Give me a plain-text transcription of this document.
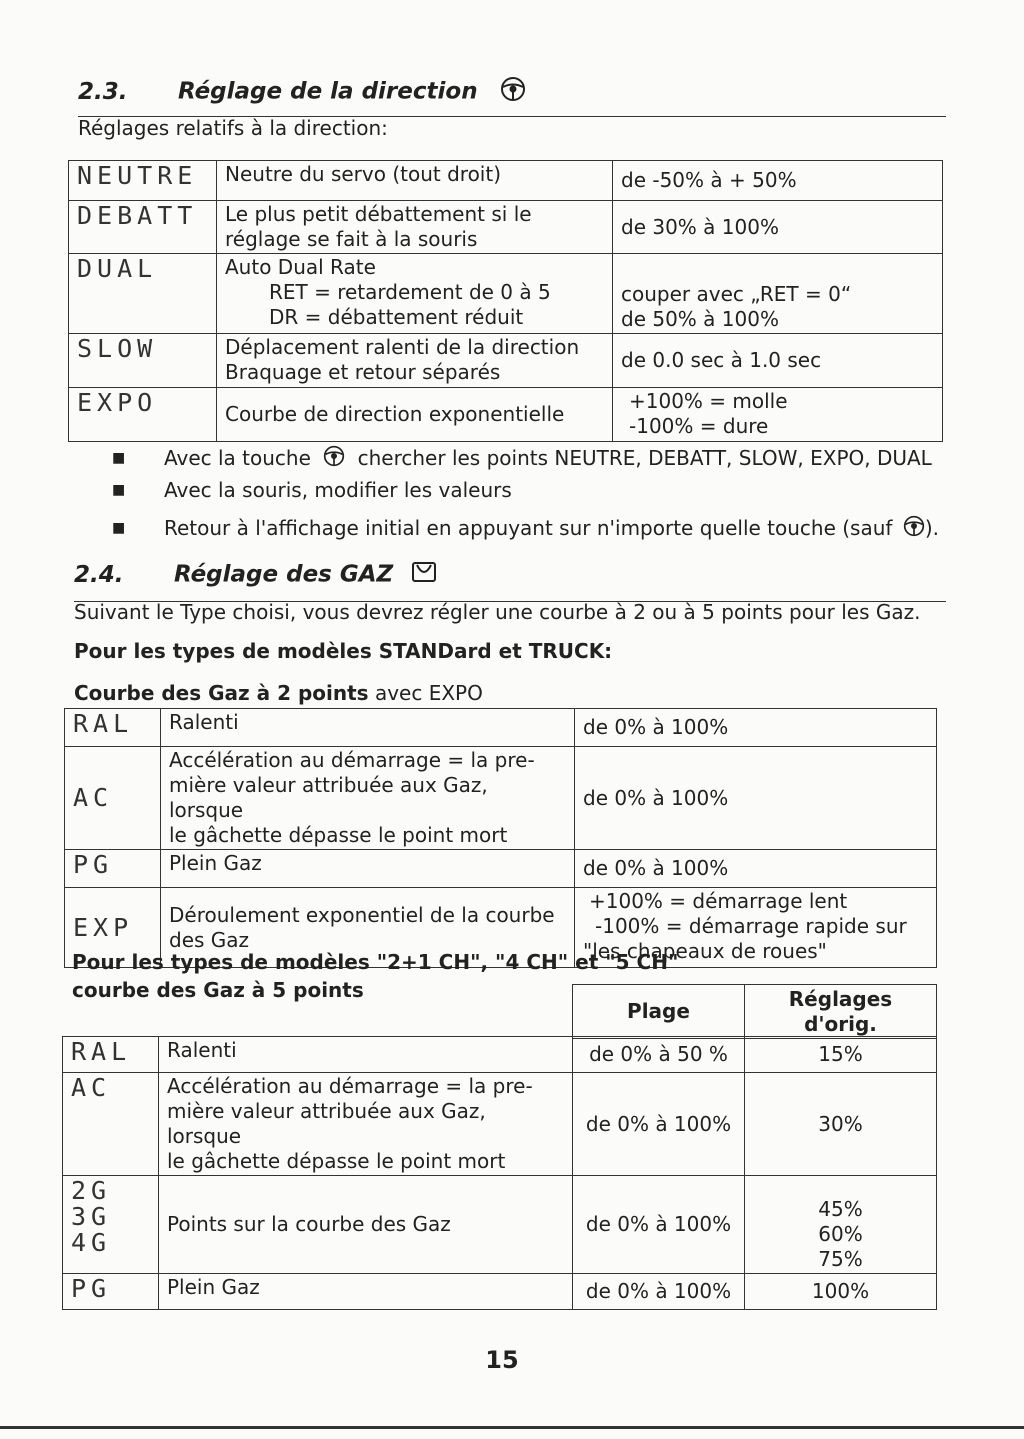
2.3. Réglage de la direction
Réglages relatifs à la direction:
NEUTRE	Neutre du servo (tout droit)	de -50% à + 50%
DEBATT	Le plus petit débattement si le
réglage se fait à la souris	de 30% à 100%
DUAL	Auto Dual Rate
RET = retardement de 0 à 5
DR = débattement réduit	couper avec „RET = 0“
de 50% à 100%
SLOW	Déplacement ralenti de la direction
Braquage et retour séparés	de 0.0 sec à 1.0 sec
EXPO	Courbe de direction exponentielle	+100% = molle
-100% = dure
■ Avec la touche chercher les points NEUTRE, DEBATT, SLOW, EXPO, DUAL
■ Avec la souris, modifier les valeurs
■ Retour à l'affichage initial en appuyant sur n'importe quelle touche (sauf ).
2.4. Réglage des GAZ
Suivant le Type choisi, vous devrez régler une courbe à 2 ou à 5 points pour les Gaz.
Pour les types de modèles STANDard et TRUCK:
Courbe des Gaz à 2 points avec EXPO
RAL	Ralenti	de 0% à 100%
AC	Accélération au démarrage = la pre-
mière valeur attribuée aux Gaz, lorsque
le gâchette dépasse le point mort	de 0% à 100%
PG	Plein Gaz	de 0% à 100%
EXP	Déroulement exponentiel de la courbe
des Gaz	+100% = démarrage lent
-100% = démarrage rapide sur
"les chapeaux de roues"
Pour les types de modèles "2+1 CH", "4 CH" et "5 CH"
courbe des Gaz à 5 points
Plage	Réglages
d'orig.
RAL	Ralenti	de 0% à 50 %	15%
AC	Accélération au démarrage = la pre-
mière valeur attribuée aux Gaz, lorsque
le gâchette dépasse le point mort	de 0% à 100%	30%
2G
3G
4G	Points sur la courbe des Gaz	de 0% à 100%	45%
60%
75%
PG	Plein Gaz	de 0% à 100%	100%
15
